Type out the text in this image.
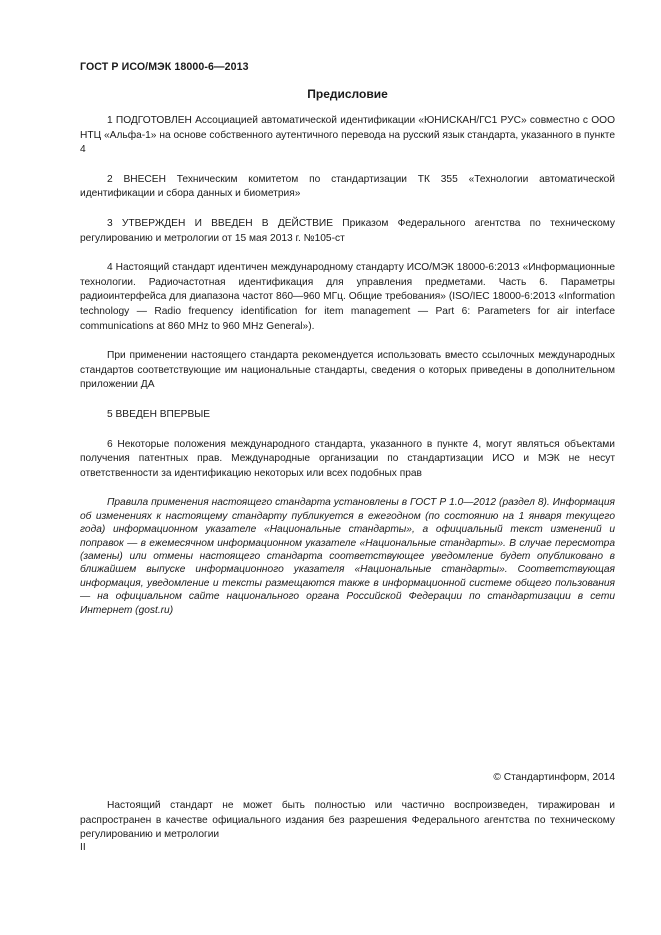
ГОСТ Р ИСО/МЭК 18000-6—2013
Предисловие

1 ПОДГОТОВЛЕН Ассоциацией автоматической идентификации «ЮНИСКАН/ГС1 РУС» совместно с ООО НТЦ «Альфа-1» на основе собственного аутентичного перевода на русский язык стандарта, указанного в пункте 4

2 ВНЕСЕН Техническим комитетом по стандартизации ТК 355 «Технологии автоматической идентификации и сбора данных и биометрия»

3 УТВЕРЖДЕН И ВВЕДЕН В ДЕЙСТВИЕ Приказом Федерального агентства по техническому регулированию и метрологии от 15 мая 2013 г. №105-ст

4 Настоящий стандарт идентичен международному стандарту ИСО/МЭК 18000-6:2013 «Информационные технологии. Радиочастотная идентификация для управления предметами. Часть 6. Параметры радиоинтерфейса для диапазона частот 860—960 МГц. Общие требования» (ISO/IEC 18000-6:2013 «Information technology — Radio frequency identification for item management — Part 6: Parameters for air interface communications at 860 MHz to 960 MHz General»).

При применении настоящего стандарта рекомендуется использовать вместо ссылочных международных стандартов соответствующие им национальные стандарты, сведения о которых приведены в дополнительном приложении ДА

5 ВВЕДЕН ВПЕРВЫЕ

6 Некоторые положения международного стандарта, указанного в пункте 4, могут являться объектами получения патентных прав. Международные организации по стандартизации ИСО и МЭК не несут ответственности за идентификацию некоторых или всех подобных прав

Правила применения настоящего стандарта установлены в ГОСТ Р 1.0—2012 (раздел 8). Информация об изменениях к настоящему стандарту публикуется в ежегодном (по состоянию на 1 января текущего года) информационном указателе «Национальные стандарты», а официальный текст изменений и поправок — в ежемесячном информационном указателе «Национальные стандарты». В случае пересмотра (замены) или отмены настоящего стандарта соответствующее уведомление будет опубликовано в ближайшем выпуске информационного указателя «Национальные стандарты». Соответствующая информация, уведомление и тексты размещаются также в информационной системе общего пользования — на официальном сайте национального органа Российской Федерации по стандартизации в сети Интернет (gost.ru)

© Стандартинформ, 2014
Настоящий стандарт не может быть полностью или частично воспроизведен, тиражирован и распространен в качестве официального издания без разрешения Федерального агентства по техническому регулированию и метрологии
II
